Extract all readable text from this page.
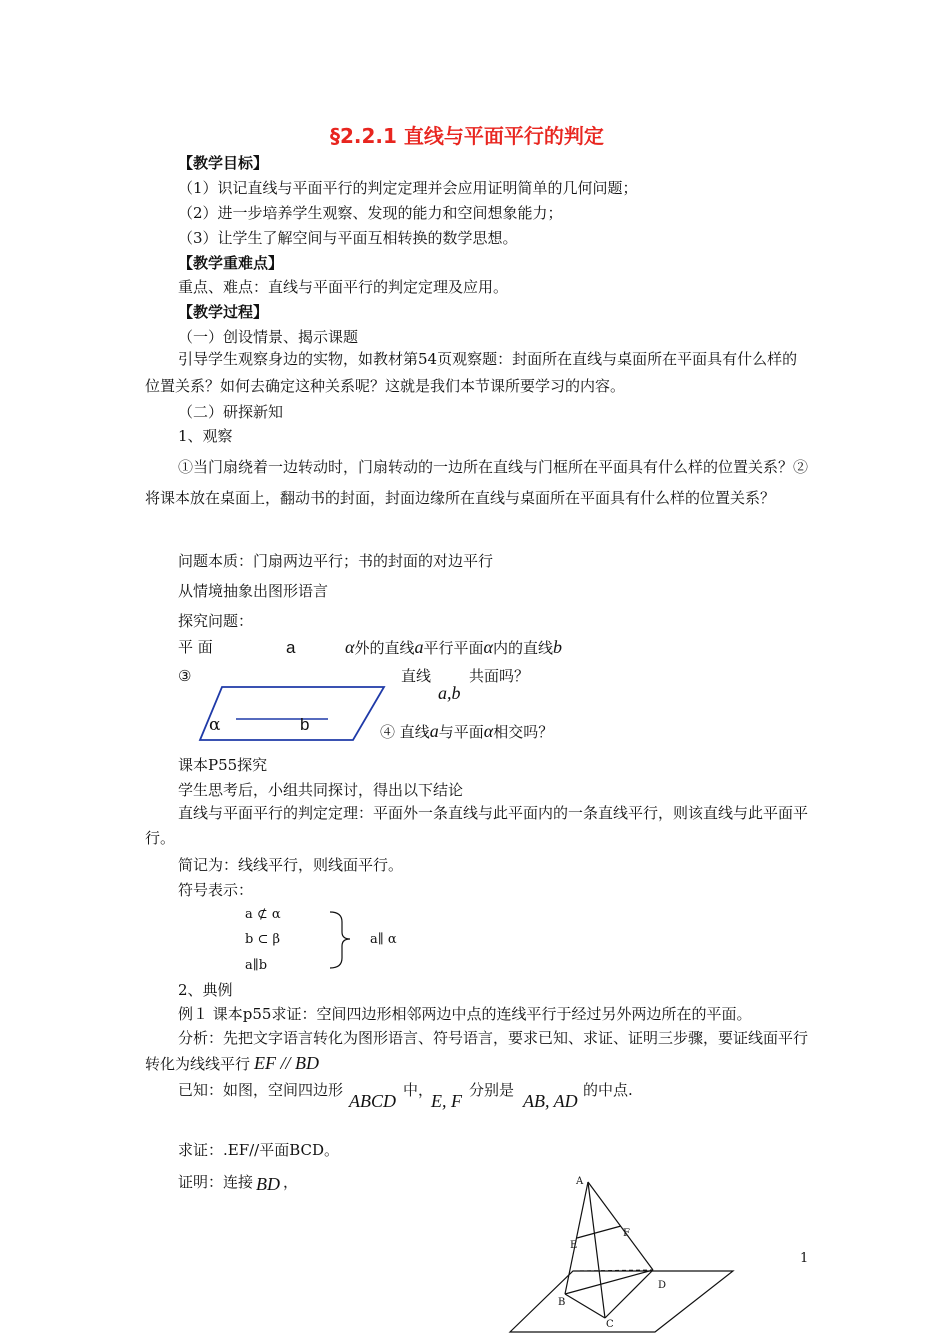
§2.2.1 直线与平面平行的判定
【教学目标】
（1）识记直线与平面平行的判定定理并会应用证明简单的几何问题；
（2）进一步培养学生观察、发现的能力和空间想象能力；
（3）让学生了解空间与平面互相转换的数学思想。
【教学重难点】
重点、难点：直线与平面平行的判定定理及应用。
【教学过程】
（一）创设情景、揭示课题
引导学生观察身边的实物，如教材第54页观察题：封面所在直线与桌面所在平面具有什么样的位置关系？如何去确定这种关系呢？这就是我们本节课所要学习的内容。
（二）研探新知
1、观察
①当门扇绕着一边转动时，门扇转动的一边所在直线与门框所在平面具有什么样的位置关系？②将课本放在桌面上，翻动书的封面，封面边缘所在直线与桌面所在平面具有什么样的位置关系？
问题本质：门扇两边平行；书的封面的对边平行
从情境抽象出图形语言
探究问题：
平 面	a
③
α	b
α外的直线a平行平面α内的直线b
直线
a,b
共面吗？
④ 直线a与平面α相交吗？
课本P55探究
学生思考后，小组共同探讨，得出以下结论
直线与平面平行的判定定理：平面外一条直线与此平面内的一条直线平行，则该直线与此平面平行。
简记为：线线平行，则线面平行。
符号表示：
a ⊄ α
b ⊂ β
a∥b
a∥ α
2、典例
例１ 课本p55求证：空间四边形相邻两边中点的连线平行于经过另外两边所在的平面。
分析：先把文字语言转化为图形语言、符号语言，要求已知、求证、证明三步骤，要证线面平行转化为线线平行 EF // BD
已知：如图，空间四边形
ABCD
中，
E, F
分别是
AB, AD
的中点.
求证：.EF//平面BCD。
证明：连接 BD ，	A
E
F
D
B
C
1
